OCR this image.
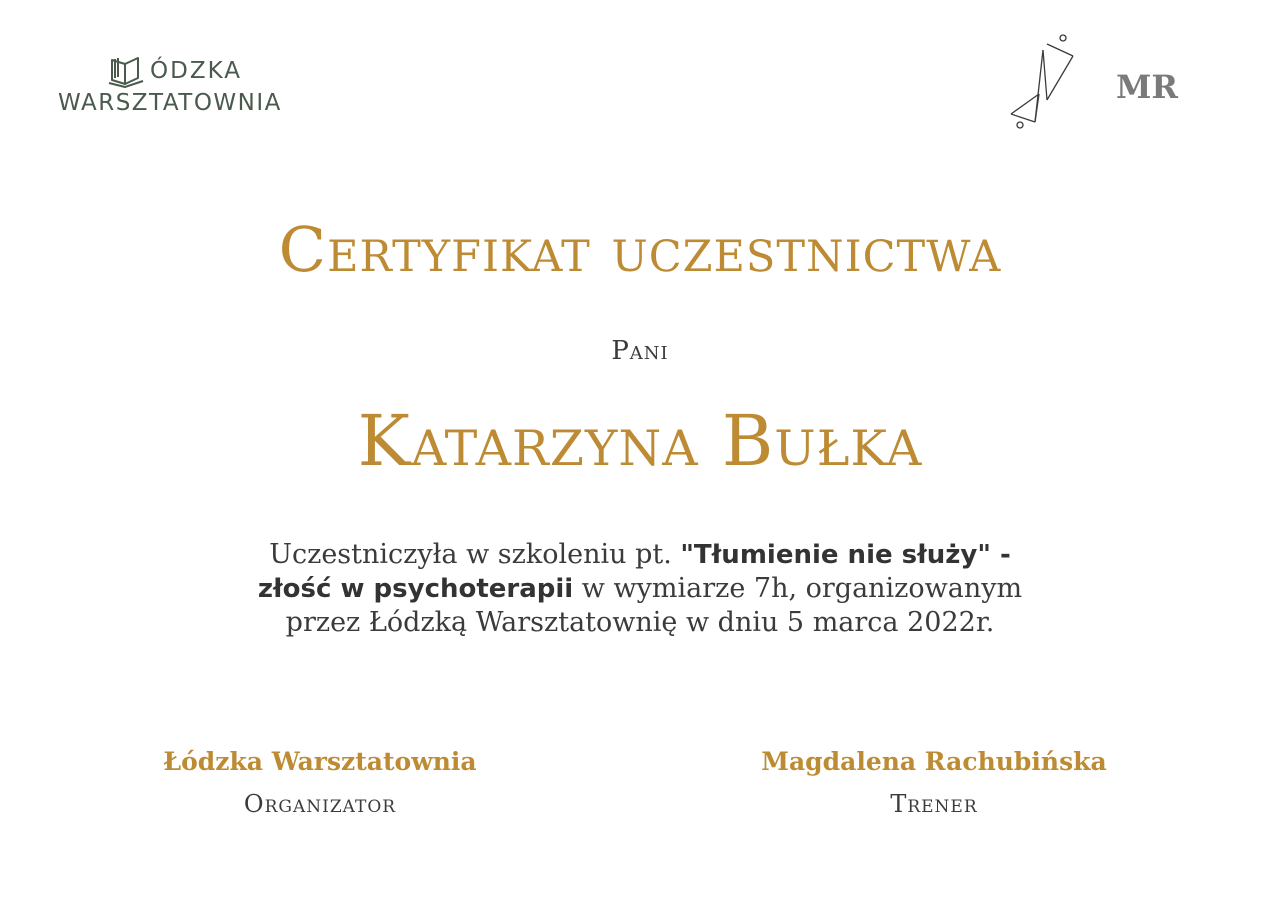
ÓDZKA
WARSZTATOWNIA	MR
Certyfikat uczestnictwa
Pani
Katarzyna Bułka
Uczestniczyła w szkoleniu pt. "Tłumienie nie służy" - złość w psychoterapii w wymiarze 7h, organizowanym przez Łódzką Warsztatownię w dniu 5 marca 2022r.
Łódzka Warsztatownia
Organizator
Magdalena Rachubińska
Trener
